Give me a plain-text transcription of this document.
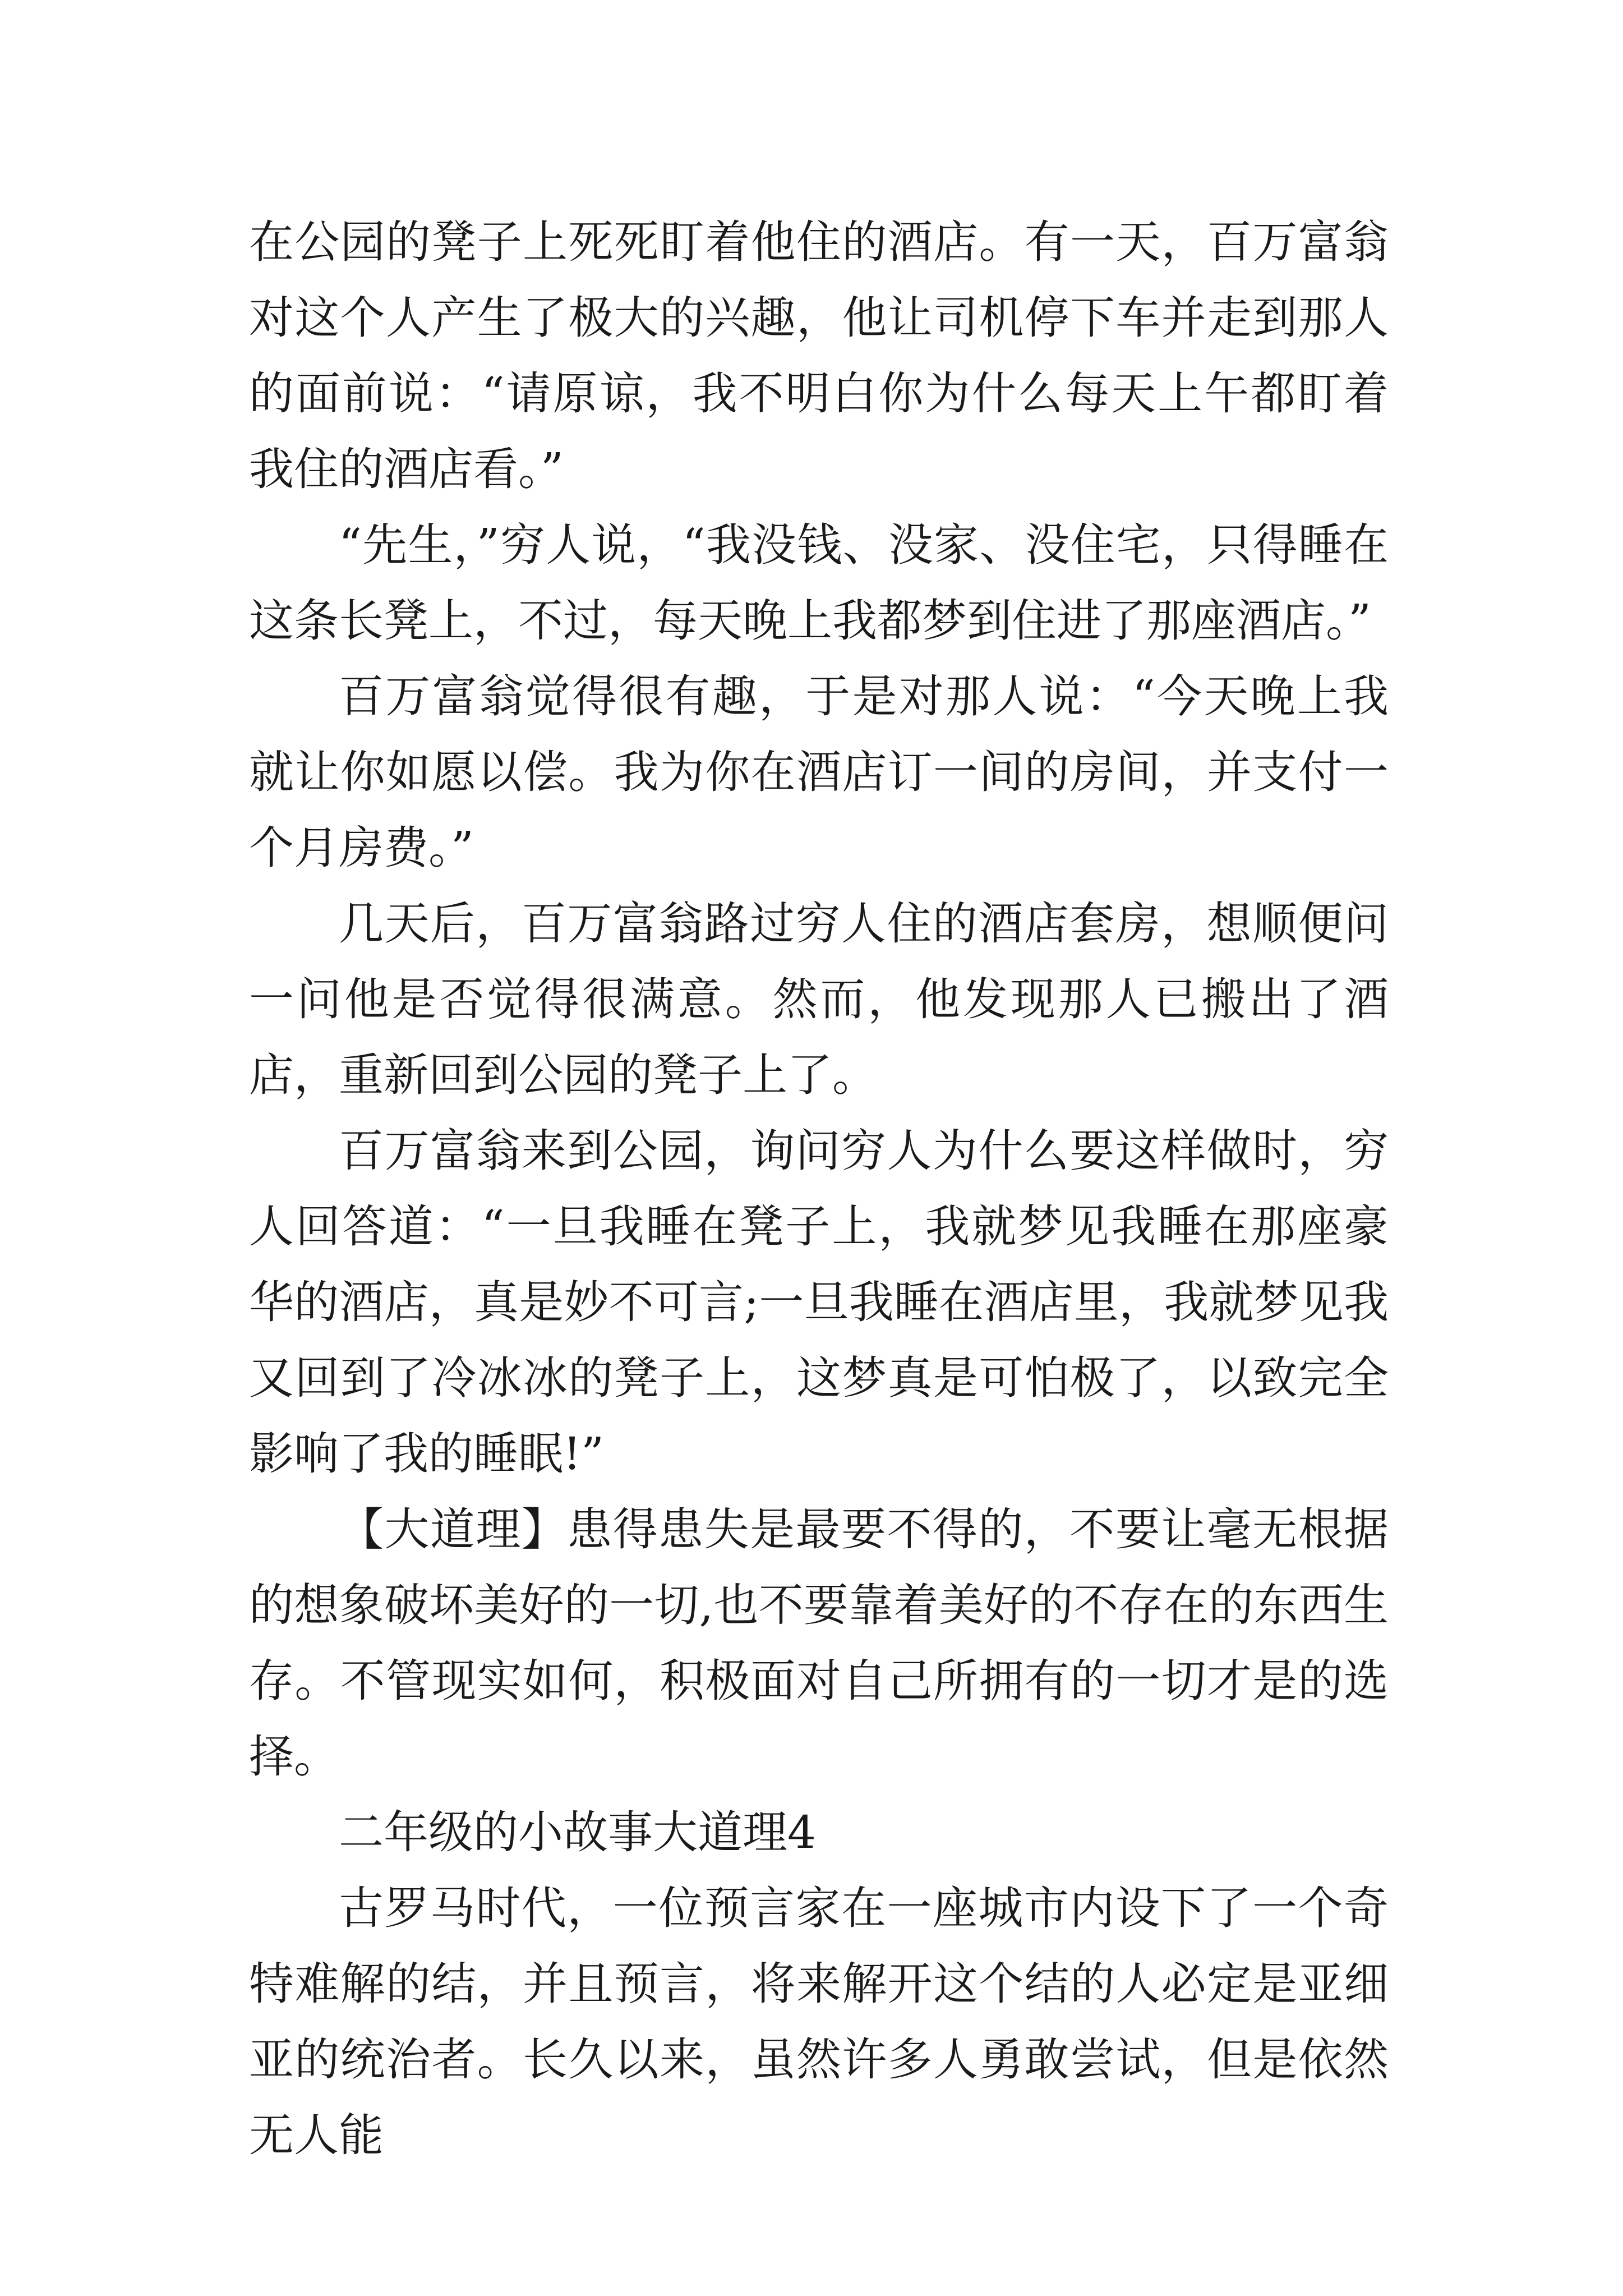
在公园的凳子上死死盯着他住的酒店。有一天，百万富翁对这个人产生了极大的兴趣，他让司机停下车并走到那人的面前说：“请原谅，我不明白你为什么每天上午都盯着我住的酒店看。”

“先生，”穷人说，“我没钱、没家、没住宅，只得睡在这条长凳上，不过，每天晚上我都梦到住进了那座酒店。”

百万富翁觉得很有趣，于是对那人说：“今天晚上我就让你如愿以偿。我为你在酒店订一间的房间，并支付一个月房费。”

几天后，百万富翁路过穷人住的酒店套房，想顺便问一问他是否觉得很满意。然而，他发现那人已搬出了酒店，重新回到公园的凳子上了。

百万富翁来到公园，询问穷人为什么要这样做时，穷人回答道：“一旦我睡在凳子上，我就梦见我睡在那座豪华的酒店，真是妙不可言;一旦我睡在酒店里，我就梦见我又回到了冷冰冰的凳子上，这梦真是可怕极了，以致完全影响了我的睡眠!”

【大道理】患得患失是最要不得的，不要让毫无根据的想象破坏美好的一切,也不要靠着美好的不存在的东西生存。不管现实如何，积极面对自己所拥有的一切才是的选择。

二年级的小故事大道理4

古罗马时代，一位预言家在一座城市内设下了一个奇特难解的结，并且预言，将来解开这个结的人必定是亚细亚的统治者。长久以来，虽然许多人勇敢尝试，但是依然无人能
